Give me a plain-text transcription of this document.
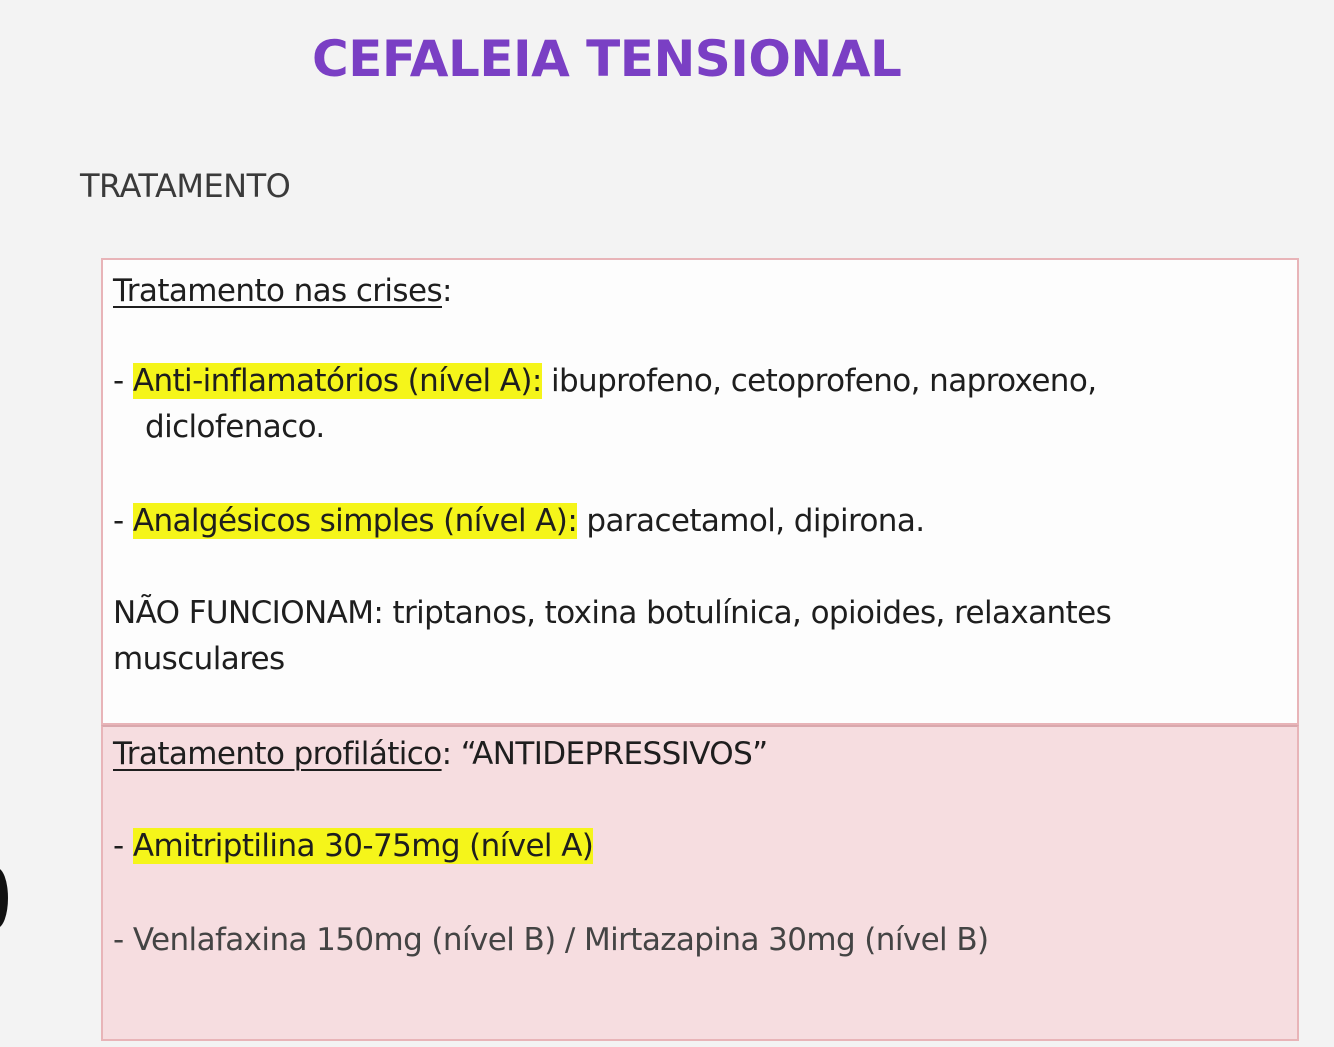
CEFALEIA TENSIONAL
TRATAMENTO
Tratamento nas crises:
- Anti-inflamatórios (nível A): ibuprofeno, cetoprofeno, naproxeno,
diclofenaco.
- Analgésicos simples (nível A): paracetamol, dipirona.
NÃO FUNCIONAM: triptanos, toxina botulínica, opioides, relaxantes
musculares
Tratamento profilático: “ANTIDEPRESSIVOS”
- Amitriptilina 30-75mg (nível A)
- Venlafaxina 150mg (nível B) / Mirtazapina 30mg (nível B)
